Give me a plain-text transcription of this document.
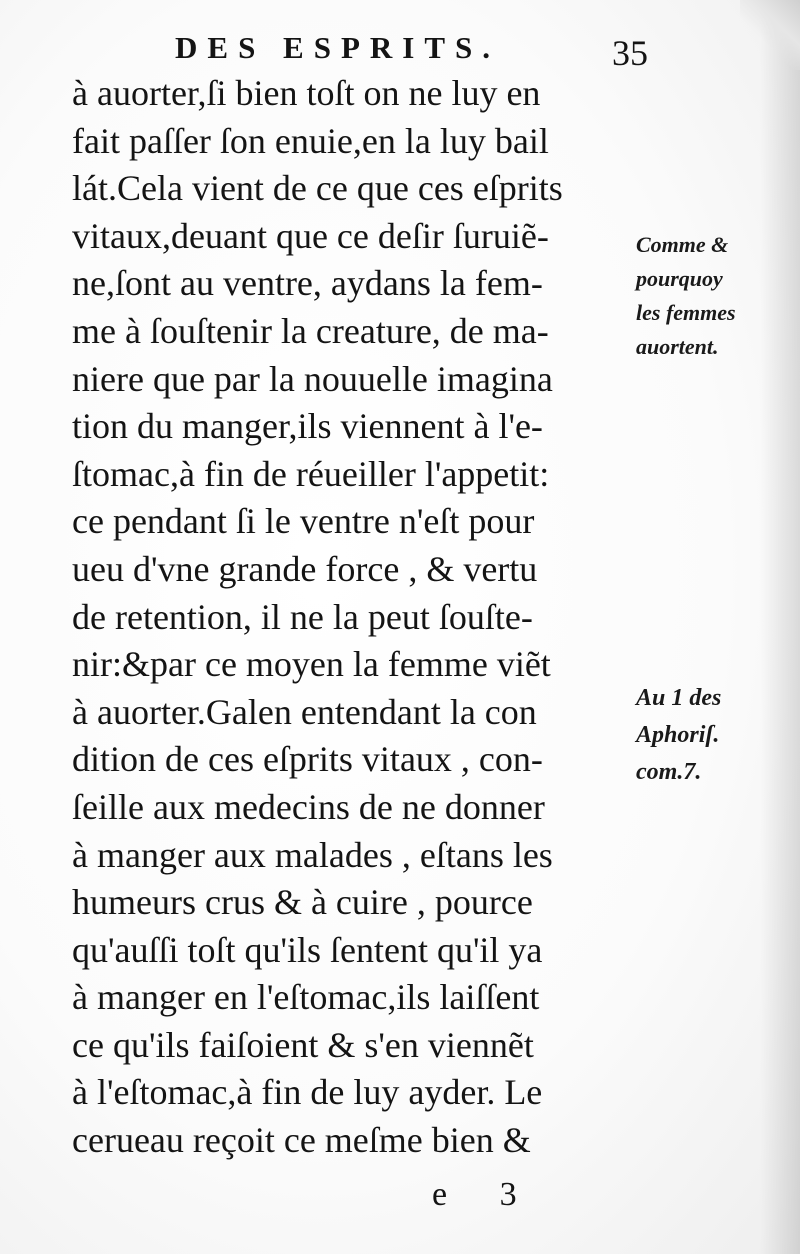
DES ESPRITS.	35
à auorter,ſi bien toſt on ne luy en
fait paſſer ſon enuie,en la luy bail
lát.Cela vient de ce que ces eſprits
vitaux,deuant que ce deſir ſuruiẽ-
ne,ſont au ventre, aydans la fem-
me à ſouſtenir la creature, de ma-
niere que par la nouuelle imagina
tion du manger,ils viennent à l'e-
ſtomac,à fin de réueiller l'appetit:
ce pendant ſi le ventre n'eſt pour
ueu d'vne grande force , & vertu
de retention, il ne la peut ſouſte-
nir:&par ce moyen la femme viẽt
à auorter.Galen entendant la con
dition de ces eſprits vitaux , con-
ſeille aux medecins de ne donner
à manger aux malades , eſtans les
humeurs crus & à cuire , pource
qu'auſſi toſt qu'ils ſentent qu'il ya
à manger en l'eſtomac,ils laiſſent
ce qu'ils faiſoient & s'en viennẽt
à l'eſtomac,à fin de luy ayder. Le
cerueau reçoit ce meſme bien &
Comme &
pourquoy
les femmes
auortent.
Au 1 des
Aphoriſ.
com.7.
e 3
